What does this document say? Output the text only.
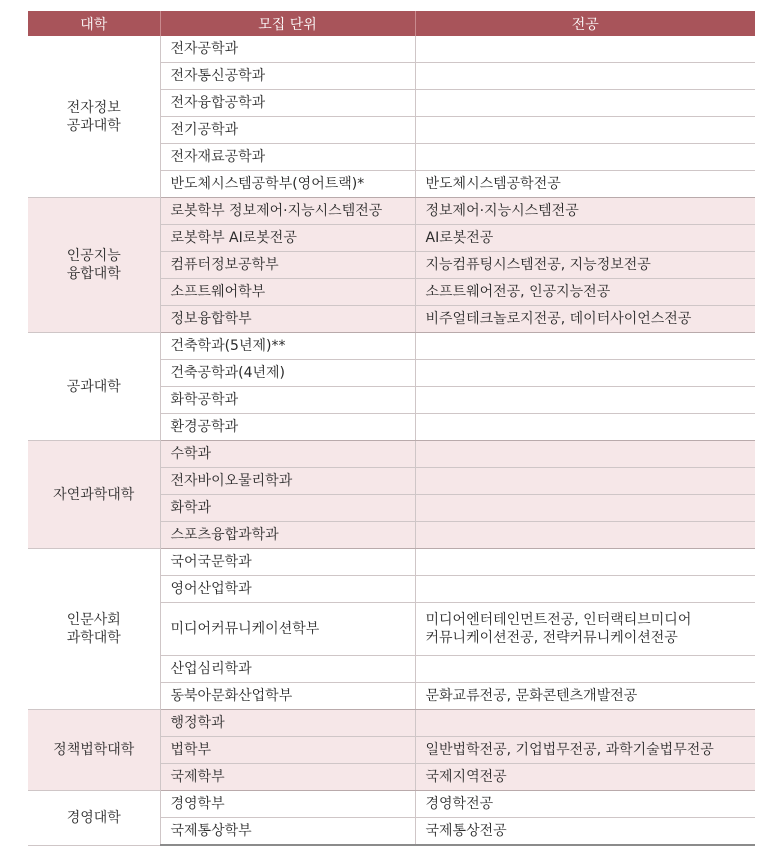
대학	모집 단위	전공

전자정보
공과대학	전자공학과	
	전자통신공학과	
	전자융합공학과	
	전기공학과	
	전자재료공학과	
	반도체시스템공학부(영어트랙)*	반도체시스템공학전공

인공지능
융합대학	로봇학부 정보제어·지능시스템전공	정보제어·지능시스템전공

	로봇학부 AI로봇전공	AI로봇전공

	컴퓨터정보공학부	지능컴퓨팅시스템전공, 지능정보전공

	소프트웨어학부	소프트웨어전공, 인공지능전공

	정보융합학부	비주얼테크놀로지전공, 데이터사이언스전공

공과대학	건축학과(5년제)**	
	건축공학과(4년제)	
	화학공학과	
	환경공학과	

자연과학대학	수학과	
	전자바이오물리학과	
	화학과	
	스포츠융합과학과	

인문사회
과학대학	국어국문학과	
	영어산업학과	
	미디어커뮤니케이션학부	미디어엔터테인먼트전공, 인터랙티브미디어
커뮤니케이션전공, 전략커뮤니케이션전공

	산업심리학과	
	동북아문화산업학부	문화교류전공, 문화콘텐츠개발전공

정책법학대학	행정학과	
	법학부	일반법학전공, 기업법무전공, 과학기술법무전공

	국제학부	국제지역전공

경영대학	경영학부	경영학전공

	국제통상학부	국제통상전공
